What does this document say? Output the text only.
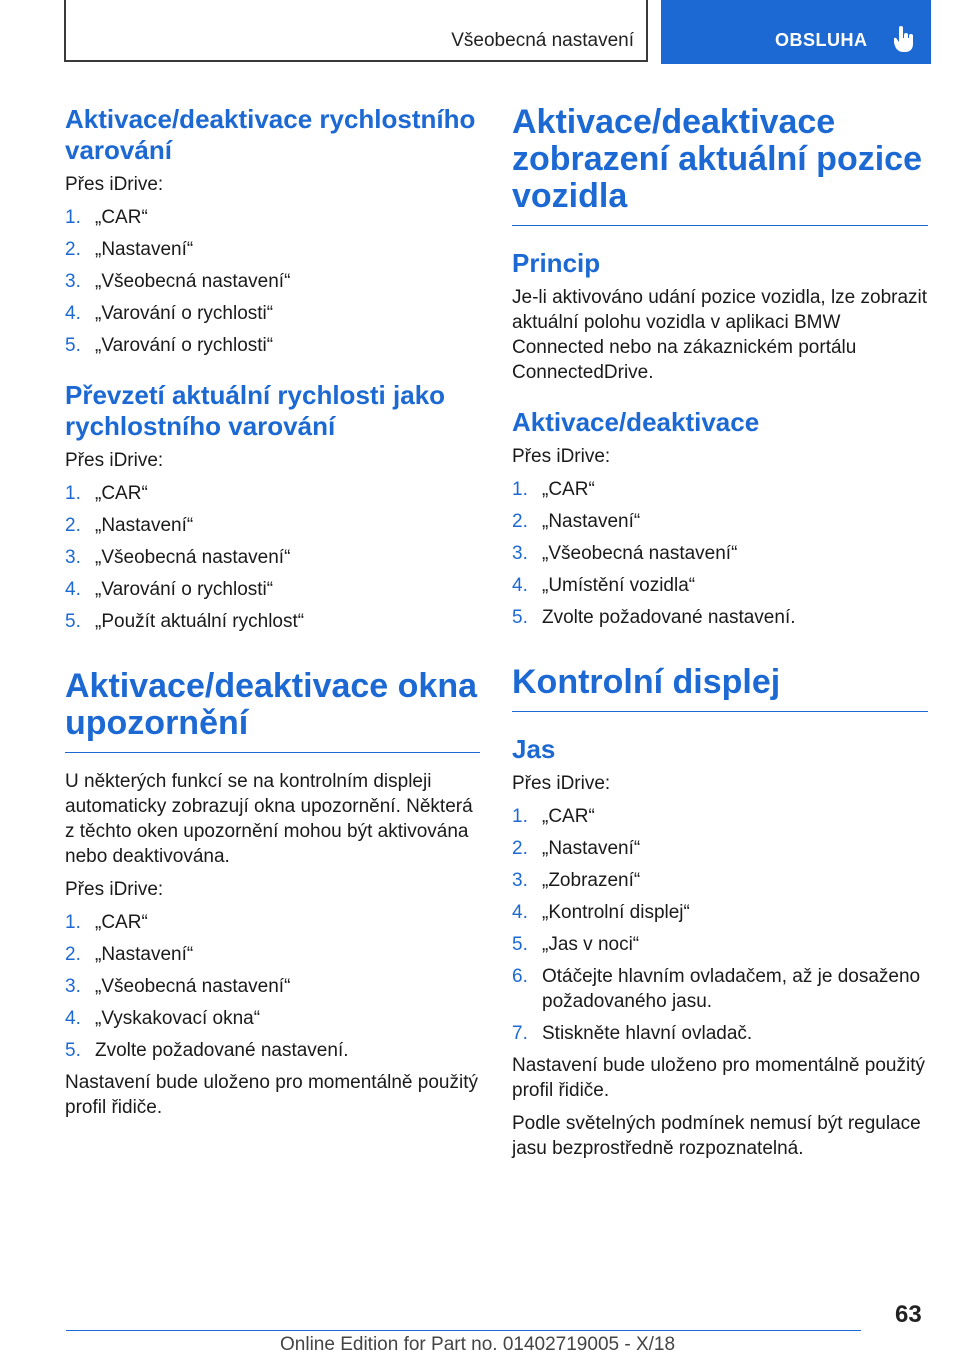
Všeobecná nastavení	OBSLUHA
Aktivace/deaktivace rychlostního varování

Přes iDrive:

1. „CAR“
2. „Nastavení“
3. „Všeobecná nastavení“
4. „Varování o rychlosti“
5. „Varování o rychlosti“
Převzetí aktuální rychlosti jako rychlostního varování

Přes iDrive:

1. „CAR“
2. „Nastavení“
3. „Všeobecná nastavení“
4. „Varování o rychlosti“
5. „Použít aktuální rychlost“
Aktivace/deaktivace okna upozornění

U některých funkcí se na kontrolním displeji automaticky zobrazují okna upozornění. Některá z těchto oken upozornění mohou být aktivována nebo deaktivována.

Přes iDrive:

1. „CAR“
2. „Nastavení“
3. „Všeobecná nastavení“
4. „Vyskakovací okna“
5. Zvolte požadované nastavení.

Nastavení bude uloženo pro momentálně použitý profil řidiče.

Aktivace/deaktivace zobrazení aktuální pozice vozidla
Princip

Je-li aktivováno udání pozice vozidla, lze zobrazit aktuální polohu vozidla v aplikaci BMW Connected nebo na zákaznickém portálu ConnectedDrive.

Aktivace/deaktivace

Přes iDrive:

1. „CAR“
2. „Nastavení“
3. „Všeobecná nastavení“
4. „Umístění vozidla“
5. Zvolte požadované nastavení.
Kontrolní displej
Jas

Přes iDrive:

1. „CAR“
2. „Nastavení“
3. „Zobrazení“
4. „Kontrolní displej“
5. „Jas v noci“
6. Otáčejte hlavním ovladačem, až je dosaženo požadovaného jasu.
7. Stiskněte hlavní ovladač.

Nastavení bude uloženo pro momentálně použitý profil řidiče.

Podle světelných podmínek nemusí být regulace jasu bezprostředně rozpoznatelná.

63
Online Edition for Part no. 01402719005 - X/18
